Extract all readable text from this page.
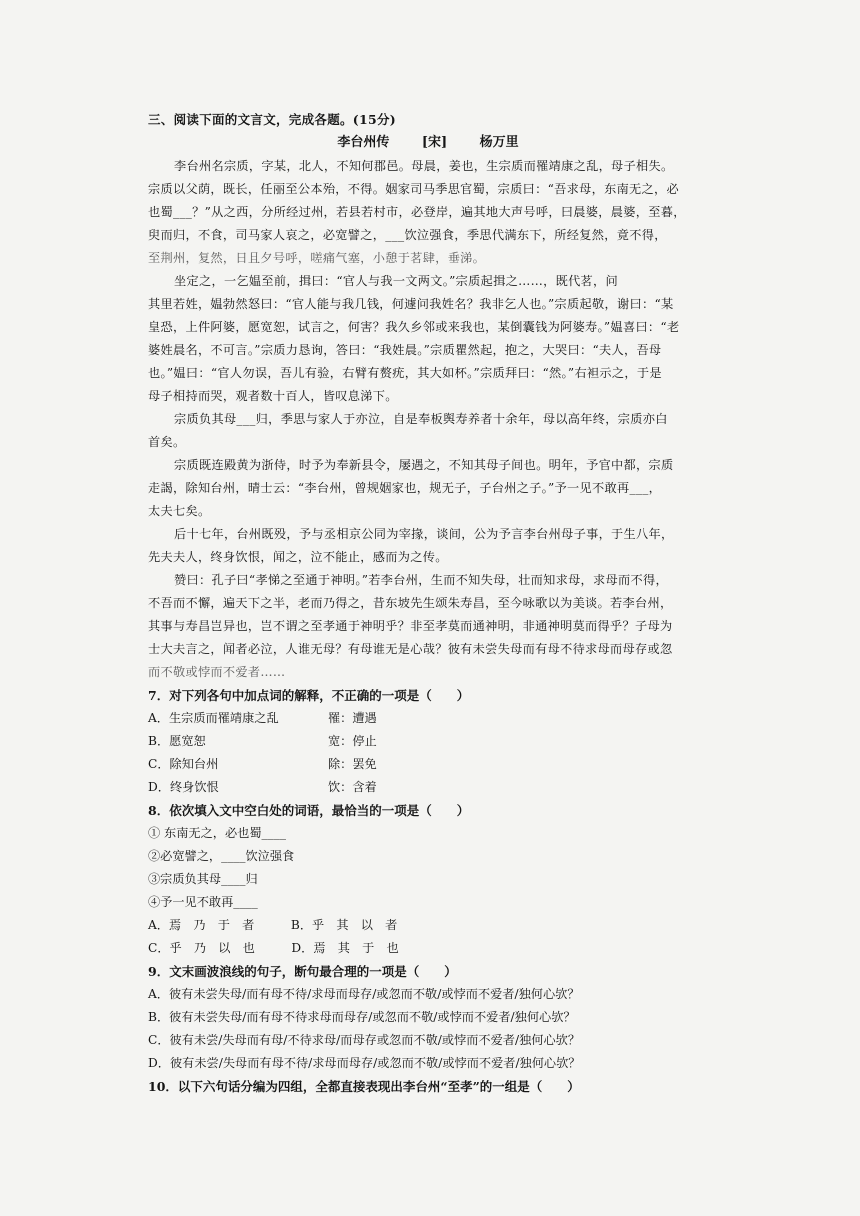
三、阅读下面的文言文，完成各题。(15分)
李台州传	[宋] 杨万里
李台州名宗质，字某，北人，不知何郡邑。母晨，姜也，生宗质而罹靖康之乱，母子相失。
宗质以父荫，既长，任丽至公本殆，不得。姻家司马季思官蜀，宗质曰：“吾求母，东南无之，必
也蜀___？”从之西，分所经过州，若县若村市，必登岸，遍其地大声号呼，曰晨婆，晨婆，至暮，
臾而归，不食，司马家人哀之，必宽譬之，___饮泣强食，季思代满东下，所经复然，竟不得，
至荆州，复然，日且夕号呼，嗟痛气塞，小憩于茗肆，垂涕。
坐定之，一乞媪至前，揖曰：“官人与我一文两文。”宗质起揖之……，既代茗，问
其里若姓，媪勃然怒曰：“官人能与我几钱，何遽问我姓名？我非乞人也。”宗质起敬，谢曰：“某
皇恐，上件阿婆，愿宽恕，试言之，何害？我久乡邻或来我也，某倒囊钱为阿婆寿。”媪喜曰：“老
婆姓晨名，不可言。”宗质力恳询，答曰：“我姓晨。”宗质瞿然起，抱之，大哭曰：“夫人，吾母
也。”媪曰：“官人勿误，吾儿有验，右臂有赘疣，其大如杯。”宗质拜曰：“然。”右袒示之，于是
母子相持而哭，观者数十百人，皆叹息涕下。
宗质负其母___归，季思与家人于亦泣，自是奉板舆寿养者十余年，母以高年终，宗质亦白
首矣。
宗质既连殿黄为浙侍，时予为奉新县令，屡遇之，不知其母子间也。明年，予官中都，宗质
走謁，除知台州，晴士云：“李台州，曾规姻家也，规无子，子台州之子。”予一见不敢再___，
太夫七矣。
后十七年，台州既殁，予与丞相京公同为宰掾，谈间，公为予言李台州母子事，于生八年，
先夫夫人，终身饮恨，闻之，泣不能止，感而为之传。
赞曰：孔子曰“孝悌之至通于神明。”若李台州，生而不知失母，壮而知求母，求母而不得，
不吾而不懈，遍天下之半，老而乃得之，昔东坡先生颂朱寿昌，至今咏歌以为美谈。若李台州，
其事与寿昌岂异也，岂不谓之至孝通于神明乎？非至孝莫而通神明，非通神明莫而得乎？子母为
士大夫言之，闻者必泣，人谁无母？有母谁无是心哉？彼有未尝失母而有母不待求母而母存或忽
而不敬或悖而不爱者……
7．对下列各句中加点词的解释，不正确的一项是（　　）
A．生宗质而罹靖康之乱	罹：遭遇
B．愿宽恕	宽：停止
C．除知台州	除：罢免
D．终身饮恨	饮：含着
8．依次填入文中空白处的词语，最恰当的一项是（　　）
① 东南无之，必也蜀____
②必宽譬之，____饮泣强食
③宗质负其母____归
④予一见不敢再____
A．焉　乃　于　者　　　B．乎　其　以　者
C．乎　乃　以　也　　　D．焉　其　于　也
9．文末画波浪线的句子，断句最合理的一项是（　　）
A．彼有未尝失母/而有母不待/求母而母存/或忽而不敬/或悖而不爱者/独何心欤？
B．彼有未尝失母/而有母不待求母而母存/或忽而不敬/或悖而不爱者/独何心欤？
C．彼有未尝/失母而有母/不待求母/而母存或忽而不敬/或悖而不爱者/独何心欤？
D．彼有未尝/失母而有母不待/求母而母存/或忽而不敬/或悖而不爱者/独何心欤？
10．以下六句话分编为四组，全都直接表现出李台州“至孝”的一组是（　　）
